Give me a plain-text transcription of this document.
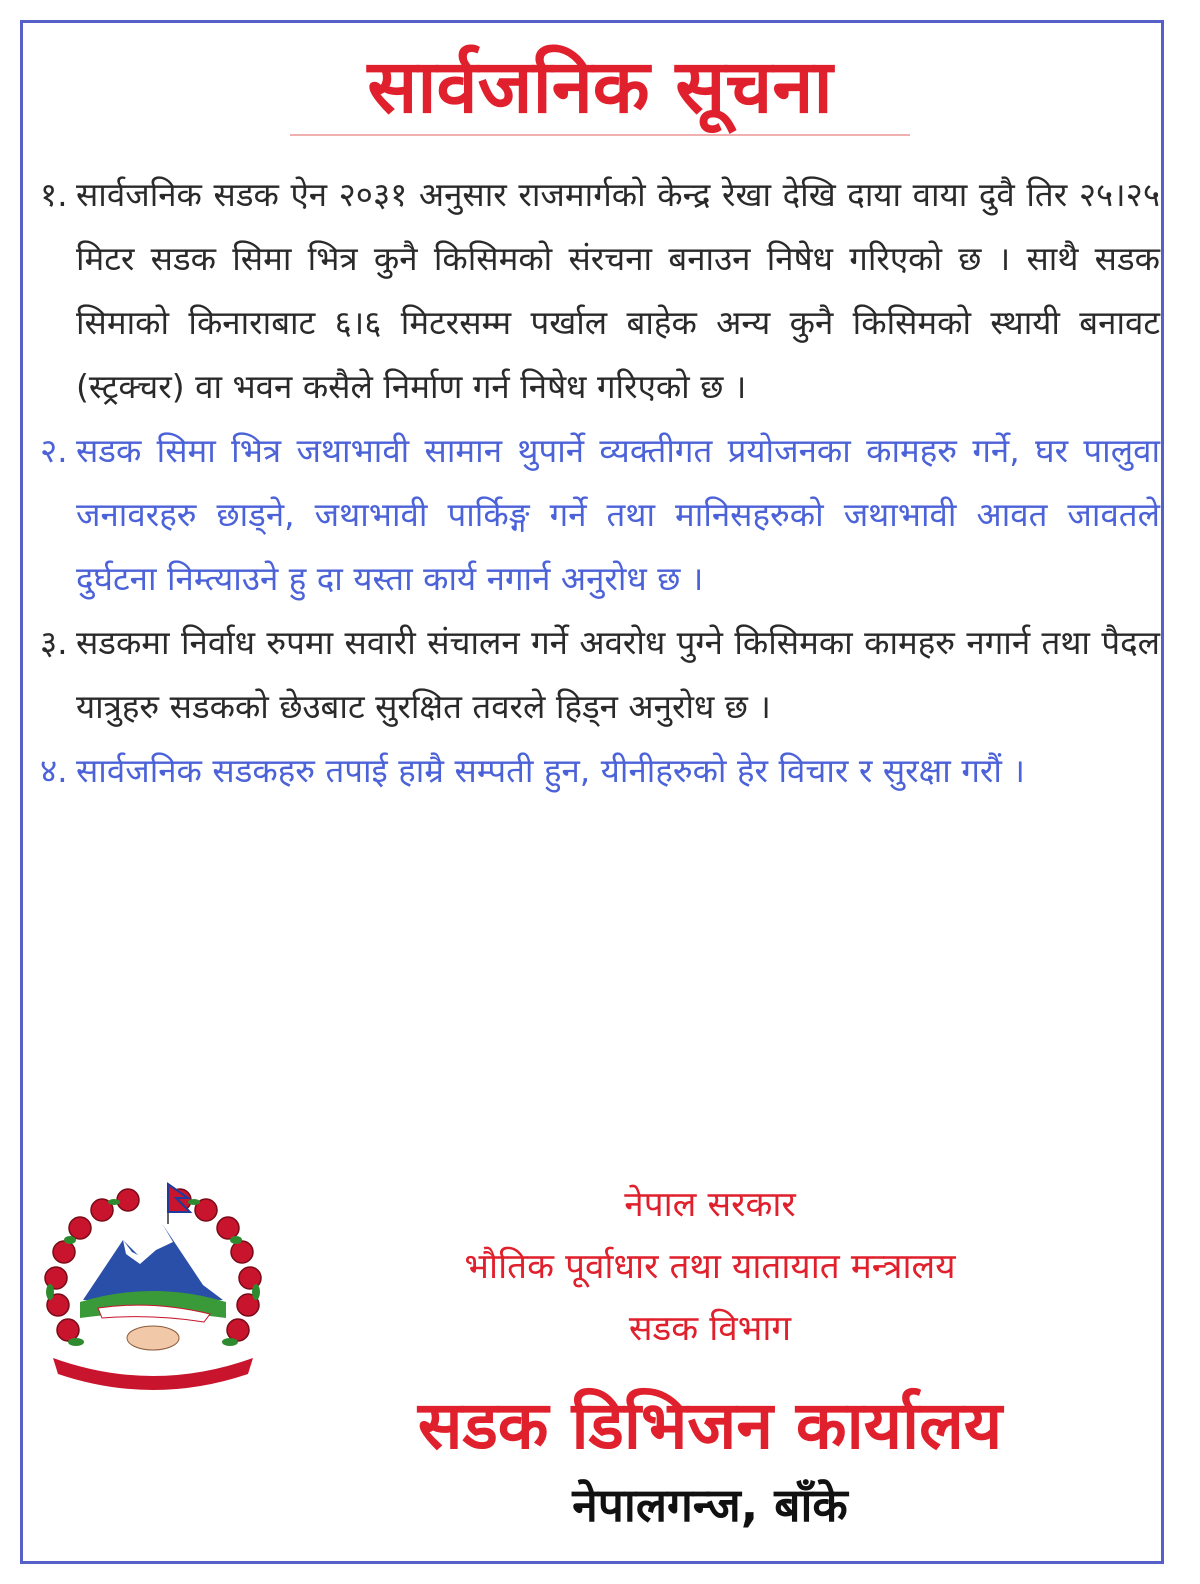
सार्वजनिक सूचना
१. सार्वजनिक सडक ऐन २०३१ अनुसार राजमार्गको केन्द्र रेखा देखि दाया वाया दुवै तिर २५।२५ मिटर सडक सिमा भित्र कुनै किसिमको संरचना बनाउन निषेध गरिएको छ । साथै सडक सिमाको किनाराबाट ६।६ मिटरसम्म पर्खाल बाहेक अन्य कुनै किसिमको स्थायी बनावट (स्ट्रक्चर) वा भवन कसैले निर्माण गर्न निषेध गरिएको छ ।
२. सडक सिमा भित्र जथाभावी सामान थुपार्ने व्यक्तीगत प्रयोजनका कामहरु गर्ने, घर पालुवा जनावरहरु छाड्ने, जथाभावी पार्किङ्ग गर्ने तथा मानिसहरुको जथाभावी आवत जावतले दुर्घटना निम्त्याउने हु दा यस्ता कार्य नगार्न अनुरोध छ ।
३. सडकमा निर्वाध रुपमा सवारी संचालन गर्ने अवरोध पुग्ने किसिमका कामहरु नगार्न तथा पैदल यात्रुहरु सडकको छेउबाट सुरक्षित तवरले हिड्न अनुरोध छ ।
४. सार्वजनिक सडकहरु तपाई हाम्रै सम्पती हुन, यीनीहरुको हेर विचार र सुरक्षा गरौं ।
नेपाल सरकार
भौतिक पूर्वाधार तथा यातायात मन्त्रालय
सडक विभाग
सडक डिभिजन कार्यालय
नेपालगन्ज, बाँके
